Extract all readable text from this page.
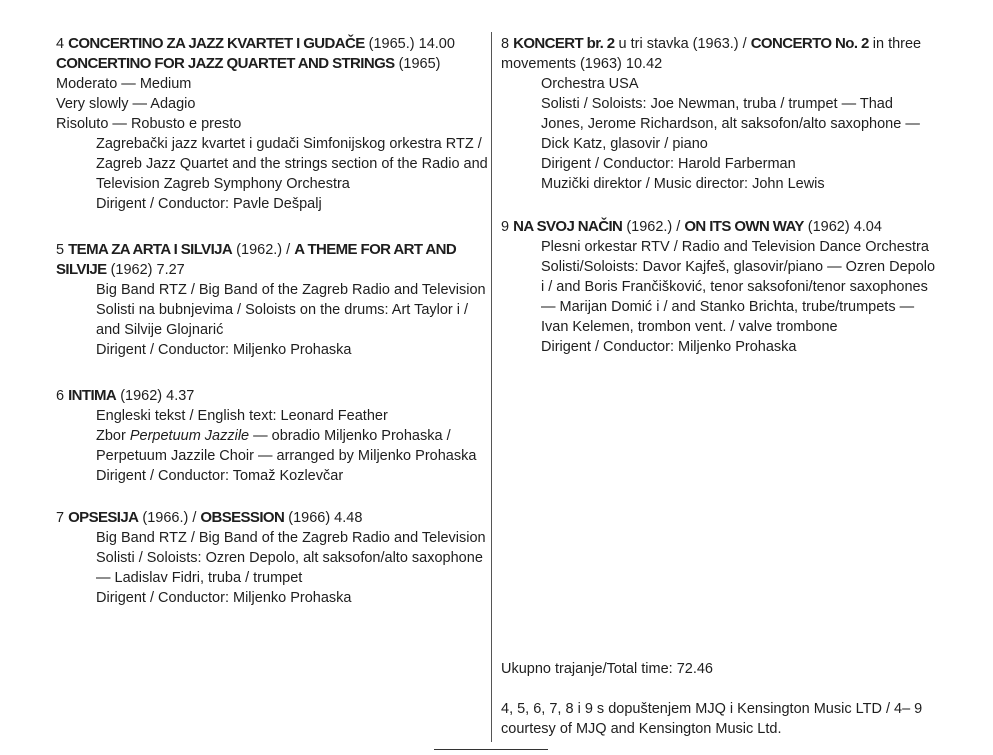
4 CONCERTINO ZA JAZZ KVARTET I GUDAČE (1965.) 14.00
CONCERTINO FOR JAZZ QUARTET AND STRINGS (1965)
Moderato — Medium
Very slowly — Adagio
Risoluto — Robusto e presto
Zagrebački jazz kvartet i gudači Simfonijskog orkestra RTZ /
Zagreb Jazz Quartet and the strings section of the Radio and
Television Zagreb Symphony Orchestra
Dirigent / Conductor: Pavle Dešpalj
5 TEMA ZA ARTA I SILVIJA (1962.) / A THEME FOR ART AND
SILVIJE (1962) 7.27
Big Band RTZ / Big Band of the Zagreb Radio and Television
Solisti na bubnjevima / Soloists on the drums: Art Taylor i /
and Silvije Glojnarić
Dirigent / Conductor: Miljenko Prohaska
6 INTIMA (1962) 4.37
Engleski tekst / English text: Leonard Feather
Zbor Perpetuum Jazzile — obradio Miljenko Prohaska /
Perpetuum Jazzile Choir — arranged by Miljenko Prohaska
Dirigent / Conductor: Tomaž Kozlevčar
7 OPSESIJA (1966.) / OBSESSION (1966) 4.48
Big Band RTZ / Big Band of the Zagreb Radio and Television
Solisti / Soloists: Ozren Depolo, alt saksofon/alto saxophone
— Ladislav Fidri, truba / trumpet
Dirigent / Conductor: Miljenko Prohaska
8 KONCERT br. 2 u tri stavka (1963.) / CONCERTO No. 2 in three
movements (1963) 10.42
Orchestra USA
Solisti / Soloists: Joe Newman, truba / trumpet — Thad
Jones, Jerome Richardson, alt saksofon/alto saxophone —
Dick Katz, glasovir / piano
Dirigent / Conductor: Harold Farberman
Muzički direktor / Music director: John Lewis
9 NA SVOJ NAČIN (1962.) / ON ITS OWN WAY (1962) 4.04
Plesni orkestar RTV / Radio and Television Dance Orchestra
Solisti/Soloists: Davor Kajfeš, glasovir/piano — Ozren Depolo
i / and Boris Frančišković, tenor saksofoni/tenor saxophones
— Marijan Domić i / and Stanko Brichta, trube/trumpets —
Ivan Kelemen, trombon vent. / valve trombone
Dirigent / Conductor: Miljenko Prohaska
Ukupno trajanje/Total time: 72.46
4, 5, 6, 7, 8 i 9 s dopuštenjem MJQ i Kensington Music LTD / 4– 9
courtesy of MJQ and Kensington Music Ltd.
